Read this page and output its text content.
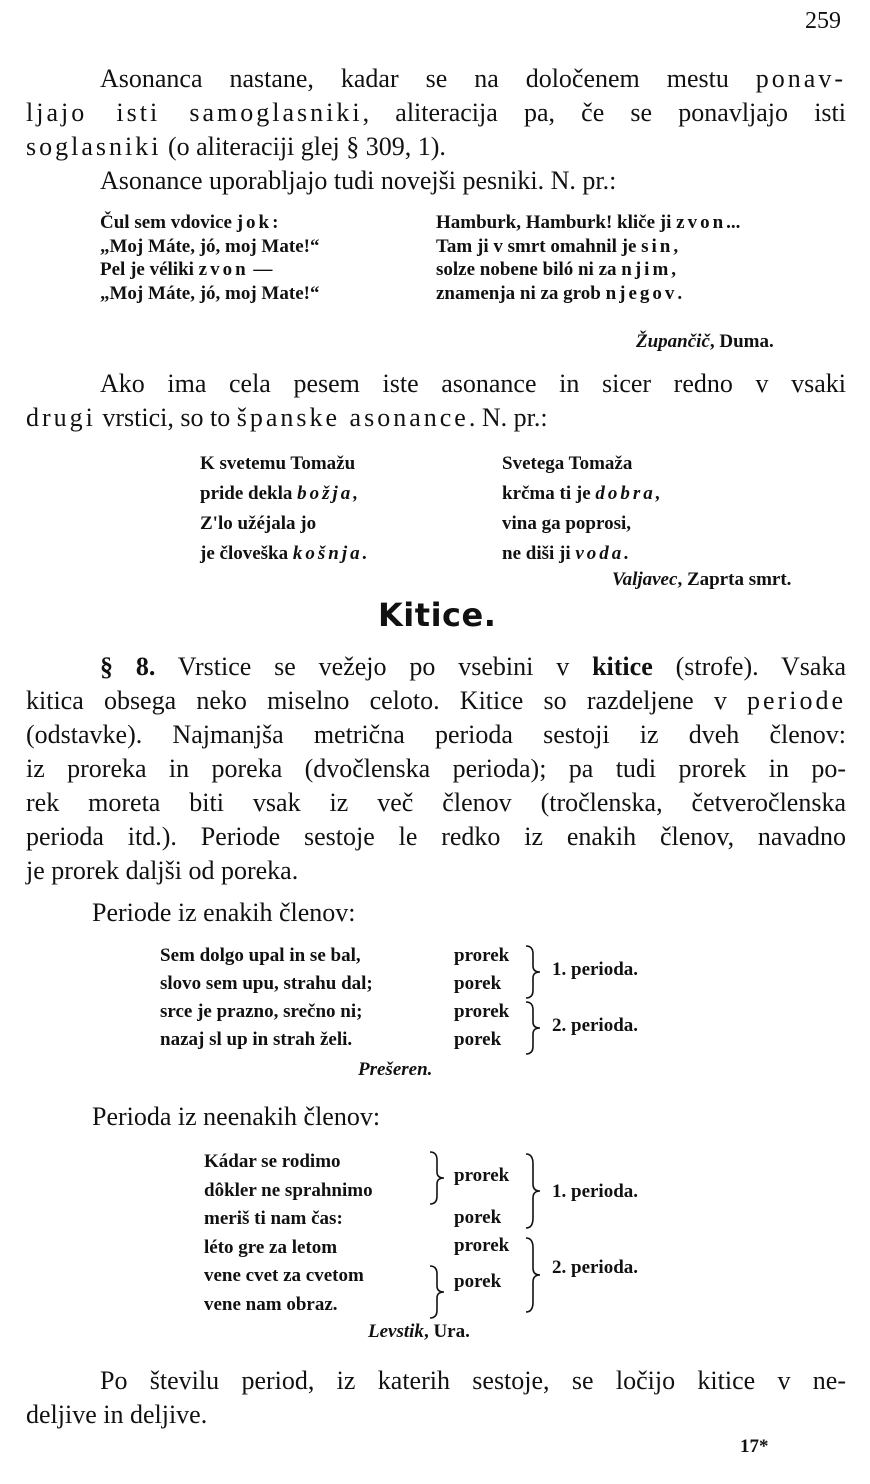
259
Asonanca nastane, kadar se na določenem mestu ponav-
ljajo isti samoglasniki, aliteracija pa, če se ponavljajo isti
soglasniki (o aliteraciji glej § 309, 1).
Asonance uporabljajo tudi novejši pesniki. N. pr.:
Čul sem vdovice jok:
„Moj Máte, jó, moj Mate!“
Pel je véliki zvon —
„Moj Máte, jó, moj Mate!“
Hamburk, Hamburk! kliče ji zvon...
Tam ji v smrt omahnil je sin,
solze nobene biló ni za njim,
znamenja ni za grob njegov.
Župančič, Duma.
Ako ima cela pesem iste asonance in sicer redno v vsaki
drugi vrstici, so to španske asonance. N. pr.:
K svetemu Tomažu
pride dekla božja,
Z'lo užéjala jo
je človeška košnja.
Svetega Tomaža
krčma ti je dobra,
vina ga poprosi,
ne diši ji voda.
Valjavec, Zaprta smrt.
Kitice.
§ 8. Vrstice se vežejo po vsebini v kitice (strofe). Vsaka
kitica obsega neko miselno celoto. Kitice so razdeljene v periode
(odstavke). Najmanjša metrična perioda sestoji iz dveh členov:
iz proreka in poreka (dvočlenska perioda); pa tudi prorek in po-
rek moreta biti vsak iz več členov (tročlenska, četveročlenska
perioda itd.). Periode sestoje le redko iz enakih členov, navadno
je prorek daljši od poreka.
Periode iz enakih členov:
Sem dolgo upal in se bal,
slovo sem upu, strahu dal;
srce je prazno, srečno ni;
nazaj sl up in strah želi.
prorek
porek
prorek
porek
1. perioda.
2. perioda.
Prešeren.
Perioda iz neenakih členov:
Kádar se rodimo
dôkler ne sprahnimo
meriš ti nam čas:
léto gre za letom
vene cvet za cvetom
vene nam obraz.
prorek
porek
prorek
porek
1. perioda.
2. perioda.
Levstik, Ura.
Po številu period, iz katerih sestoje, se ločijo kitice v ne-
deljive in deljive.
17*
